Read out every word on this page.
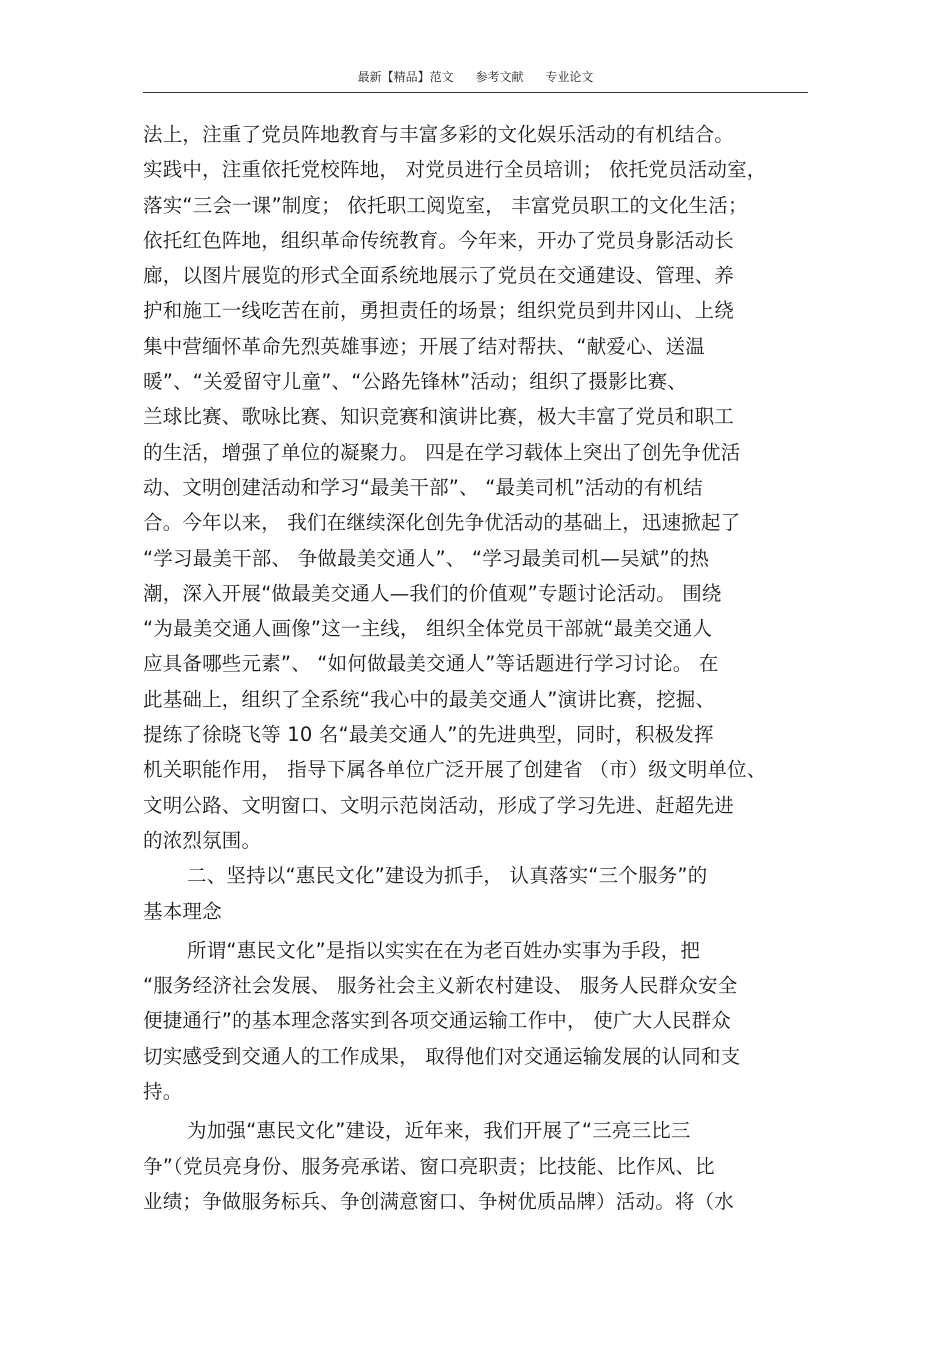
最新【精品】范文 参考文献 专业论文
法上，注重了党员阵地教育与丰富多彩的文化娱乐活动的有机结合。
实践中，注重依托党校阵地， 对党员进行全员培训； 依托党员活动室，
落实“三会一课”制度； 依托职工阅览室， 丰富党员职工的文化生活；
依托红色阵地，组织革命传统教育。今年来，开办了党员身影活动长
廊，以图片展览的形式全面系统地展示了党员在交通建设、管理、养
护和施工一线吃苦在前，勇担责任的场景；组织党员到井冈山、上绕
集中营缅怀革命先烈英雄事迹；开展了结对帮扶、“献爱心、送温
暖”、“关爱留守儿童”、“公路先锋林”活动；组织了摄影比赛、
兰球比赛、歌咏比赛、知识竞赛和演讲比赛，极大丰富了党员和职工
的生活，增强了单位的凝聚力。 四是在学习载体上突出了创先争优活
动、文明创建活动和学习“最美干部”、 “最美司机”活动的有机结
合。今年以来， 我们在继续深化创先争优活动的基础上，迅速掀起了
“学习最美干部、 争做最美交通人”、 “学习最美司机—吴斌”的热
潮，深入开展“做最美交通人—我们的价值观”专题讨论活动。 围绕
“为最美交通人画像”这一主线， 组织全体党员干部就“最美交通人
应具备哪些元素”、 “如何做最美交通人”等话题进行学习讨论。 在
此基础上，组织了全系统“我心中的最美交通人”演讲比赛，挖掘、
提练了徐晓飞等 10 名“最美交通人”的先进典型，同时，积极发挥
机关职能作用， 指导下属各单位广泛开展了创建省 （市）级文明单位、
文明公路、文明窗口、文明示范岗活动，形成了学习先进、赶超先进
的浓烈氛围。
二、坚持以“惠民文化”建设为抓手， 认真落实“三个服务”的
基本理念
所谓“惠民文化”是指以实实在在为老百姓办实事为手段，把
“服务经济社会发展、 服务社会主义新农村建设、 服务人民群众安全
便捷通行”的基本理念落实到各项交通运输工作中， 使广大人民群众
切实感受到交通人的工作成果， 取得他们对交通运输发展的认同和支
持。
为加强“惠民文化”建设，近年来，我们开展了“三亮三比三
争”（党员亮身份、服务亮承诺、窗口亮职责；比技能、比作风、比
业绩；争做服务标兵、争创满意窗口、争树优质品牌）活动。将（水
